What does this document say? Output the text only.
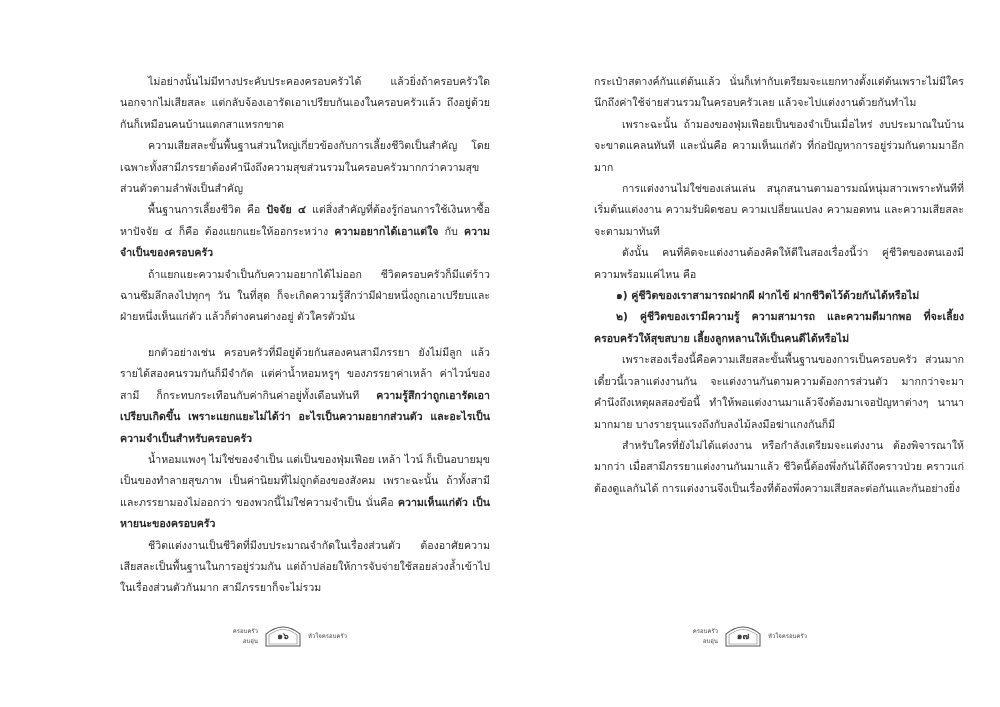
ไม่อย่างนั้นไม่มีทางประคับประคองครอบครัวได้ แล้วยิ่งถ้าครอบครัวใด นอกจากไม่เสียสละ แต่กลับจ้องเอารัดเอาเปรียบกันเองในครอบครัวแล้ว ถึงอยู่ด้วยกันก็เหมือนคนบ้านแตกสาแหรกขาด

ความเสียสละขั้นพื้นฐานส่วนใหญ่เกี่ยวข้องกับการเลี้ยงชีวิตเป็นสำคัญ โดยเฉพาะทั้งสามีภรรยาต้องคำนึงถึงความสุขส่วนรวมในครอบครัวมากกว่าความสุขส่วนตัวตามลำพังเป็นสำคัญ

พื้นฐานการเลี้ยงชีวิต คือ ปัจจัย ๔ แต่สิ่งสำคัญที่ต้องรู้ก่อนการใช้เงินหาซื้อหาปัจจัย ๔ ก็คือ ต้องแยกแยะให้ออกระหว่าง ความอยากได้เอาแต่ใจ กับ ความจำเป็นของครอบครัว

ถ้าแยกแยะความจำเป็นกับความอยากได้ไม่ออก ชีวิตครอบครัวก็มีแต่ร้าวฉานซึมลึกลงไปทุกๆ วัน ในที่สุด ก็จะเกิดความรู้สึกว่ามีฝ่ายหนึ่งถูกเอาเปรียบและฝ่ายหนึ่งเห็นแก่ตัว แล้วก็ต่างคนต่างอยู่ ตัวใครตัวมัน

ยกตัวอย่างเช่น ครอบครัวที่มีอยู่ด้วยกันสองคนสามีภรรยา ยังไม่มีลูก แล้วรายได้สองคนรวมกันก็มีจำกัด แต่ค่าน้ำหอมหรูๆ ของภรรยาค่าเหล้า ค่าไวน์ของสามี ก็กระทบกระเทือนกับค่ากินค่าอยู่ทั้งเดือนทันที ความรู้สึกว่าถูกเอารัดเอาเปรียบเกิดขึ้น เพราะแยกแยะไม่ได้ว่า อะไรเป็นความอยากส่วนตัว และอะไรเป็นความจำเป็นสำหรับครอบครัว

น้ำหอมแพงๆ ไม่ใช่ของจำเป็น แต่เป็นของฟุ่มเฟือย เหล้า ไวน์ ก็เป็นอบายมุข เป็นของทำลายสุขภาพ เป็นค่านิยมที่ไม่ถูกต้องของสังคม เพราะฉะนั้น ถ้าทั้งสามีและภรรยามองไม่ออกว่า ของพวกนี้ไม่ใช่ความจำเป็น นั่นคือ ความเห็นแก่ตัว เป็นหายนะของครอบครัว

ชีวิตแต่งงานเป็นชีวิตที่มีงบประมาณจำกัดในเรื่องส่วนตัว ต้องอาศัยความเสียสละเป็นพื้นฐานในการอยู่ร่วมกัน แต่ถ้าปล่อยให้การจับจ่ายใช้สอยล่วงล้ำเข้าไปในเรื่องส่วนตัวกันมาก สามีภรรยาก็จะไม่รวม

กระเป๋าสตางค์กันแต่ต้นแล้ว นั่นก็เท่ากับเตรียมจะแยกทางตั้งแต่ต้นเพราะไม่มีใครนึกถึงค่าใช้จ่ายส่วนรวมในครอบครัวเลย แล้วจะไปแต่งงานด้วยกันทำไม

เพราะฉะนั้น ถ้ามองของฟุ่มเฟือยเป็นของจำเป็นเมื่อไหร่ งบประมาณในบ้านจะขาดแคลนทันที และนั่นคือ ความเห็นแก่ตัว ที่ก่อปัญหาการอยู่ร่วมกันตามมาอีกมาก

การแต่งงานไม่ใช่ของเล่นเล่น สนุกสนานตามอารมณ์หนุ่มสาวเพราะทันทีที่เริ่มต้นแต่งงาน ความรับผิดชอบ ความเปลี่ยนแปลง ความอดทน และความเสียสละ จะตามมาทันที

ดังนั้น คนที่คิดจะแต่งงานต้องคิดให้ดีในสองเรื่องนี้ว่า คู่ชีวิตของตนเองมีความพร้อมแค่ไหน คือ

๑) คู่ชีวิตของเราสามารถฝากผี ฝากไข้ ฝากชีวิตไว้ด้วยกันได้หรือไม่

๒) คู่ชีวิตของเรามีความรู้ ความสามารถ และความดีมากพอ ที่จะเลี้ยงครอบครัวให้สุขสบาย เลี้ยงลูกหลานให้เป็นคนดีได้หรือไม่

เพราะสองเรื่องนี้คือความเสียสละขั้นพื้นฐานของการเป็นครอบครัว ส่วนมากเดี๋ยวนี้เวลาแต่งงานกัน จะแต่งงานกันตามความต้องการส่วนตัว มากกว่าจะมาคำนึงถึงเหตุผลสองข้อนี้ ทำให้พอแต่งงานมาแล้วจึงต้องมาเจอปัญหาต่างๆ นานามากมาย บางรายรุนแรงถึงกับลงไม้ลงมือฆ่าแกงกันก็มี

สำหรับใครที่ยังไม่ได้แต่งงาน หรือกำลังเตรียมจะแต่งงาน ต้องพิจารณาให้มากว่า เมื่อสามีภรรยาแต่งงานกันมาแล้ว ชีวิตนี้ต้องพึ่งกันได้ถึงคราวป่วย คราวแก่ ต้องดูแลกันได้ การแต่งงานจึงเป็นเรื่องที่ต้องพึ่งความเสียสละต่อกันและกันอย่างยิ่ง

ครอบครัวอบอุ่น ๑๖	หัวใจครอบครัว
ครอบครัวอบอุ่น ๑๗	หัวใจครอบครัว
